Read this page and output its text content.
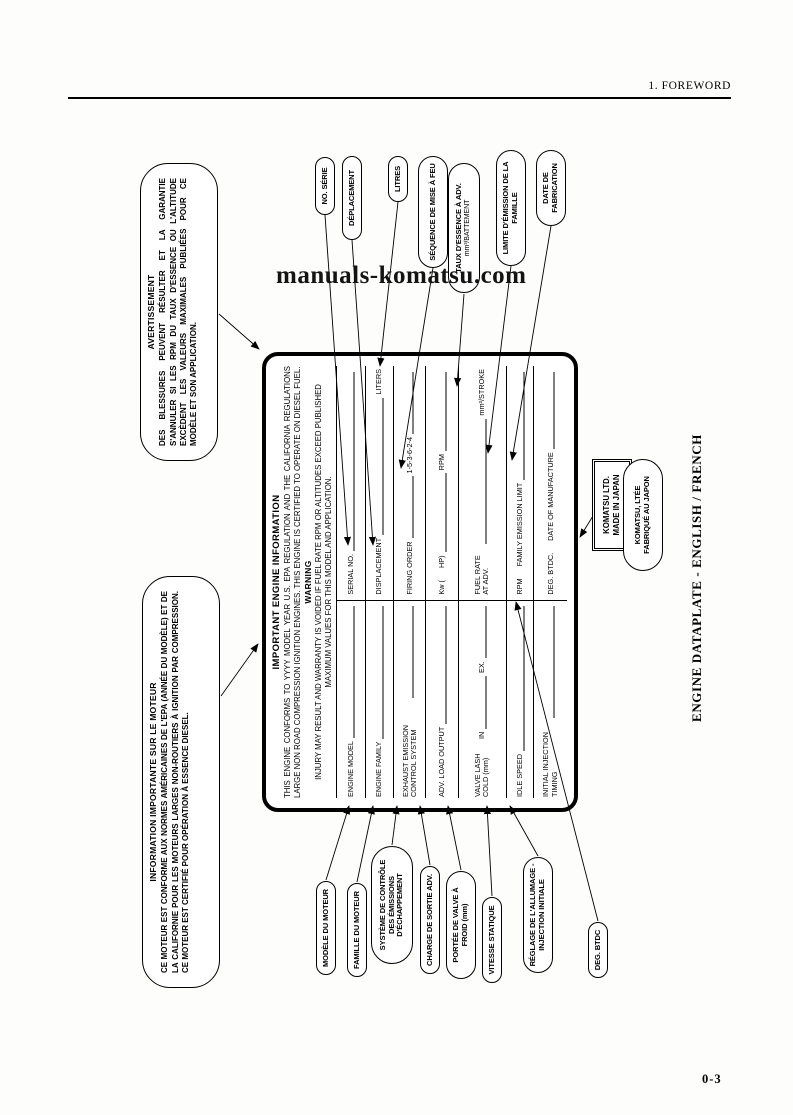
1. FOREWORD
manuals-komatsu.com
AVERTISSEMENT DES BLESSURES PEUVENT RÉSULTER ET LA GARANTIE S'ANNULER SI LES RPM DU TAUX D'ESSENCE OU L'ALTITUDE EXCÈDENT LES VALEURS MAXIMALES PUBLIÉES POUR CE MODÈLE ET SON APPLICATION.
INFORMATION IMPORTANTE SUR LE MOTEUR CE MOTEUR EST CONFORME AUX NORMES AMÉRICAINES DE L'EPA (ANNÉE DU MODÈLE) ET DE LA CALIFORNIE POUR LES MOTEURS LARGES NON-ROUTIERS À IGNITION PAR COMPRESSION. CE MOTEUR EST CERTIFIÉ POUR OPÉRATION À ESSENCE DIESEL.
IMPORTANT ENGINE INFORMATION THIS ENGINE CONFORMS TO YYYY MODEL YEAR U.S. EPA REGULATION AND THE CALIFORNIA REGULATIONS LARGE NON ROAD COMPRESSION IGNITION ENGINES. THIS ENGINE IS CERTIFIED TO OPERATE ON DIESEL FUEL. WARNING INJURY MAY RESULT AND WARRANTY IS VOIDED IF FUEL RATE RPM OR ALTITUDES EXCEED PUBLISHED MAXIMUM VALUES FOR THIS MODEL AND APPLICATION.
ENGINE MODEL
SERIAL NO.
ENGINE FAMILY
DISPLACEMENT
LITERS
EXHAUST EMISSION CONTROL SYSTEM
FIRING ORDER
1-5-3-6-2-4
ADV. LOAD OUTPUT
Kw (
HP)
RPM
VALVE LASH COLD (mm)
IN
EX.
FUEL RATE AT ADV.
mm³/STROKE
IDLE SPEED
RPM
FAMILY EMISSION LIMIT
INITIAL INJECTION TIMING
DEG. BTDC.
DATE OF MANUFACTURE	KOMATSU LTD. MADE IN JAPAN KOMATSU, LTÉE FABRIQUÉ AU JAPON
NO. SÉRIE DÉPLACEMENT	LITRES	SÉQUENCE DE MISE À FEU TAUX D'ESSENCE À ADV. mm³/BATTEMENT	LIMITE D'ÉMISSION DE LA FAMILLE
DATE DE FABRICATION
MODÈLE DU MOTEUR	FAMILLE DU MOTEUR SYSTÈME DE CONTRÔLE DES ÉMISSIONS D'ÉCHAPPEMENT	CHARGE DE SORTIE ADV. PORTÉE DE VALVE À FROID (mm) VITESSE STATIQUE	RÉGLAGE DE L'ALLUMAGE - INJECTION INITIALE	DEG. BTDC
ENGINE DATAPLATE - ENGLISH / FRENCH
0-3
